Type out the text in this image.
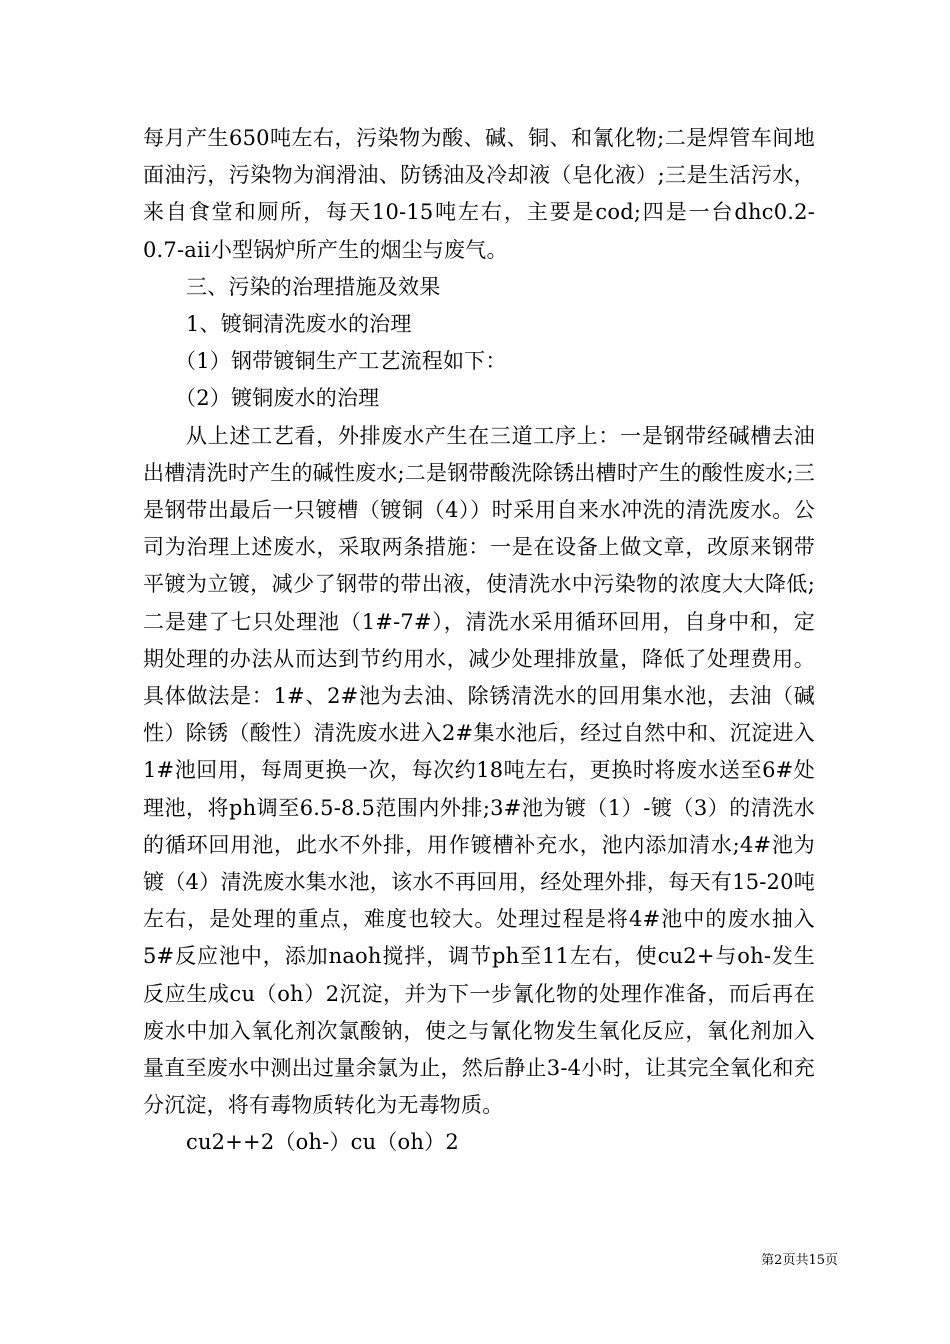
每月产生650吨左右，污染物为酸、碱、铜、和氰化物;二是焊管车间地面油污，污染物为润滑油、防锈油及冷却液（皂化液）;三是生活污水，来自食堂和厕所，每天10-15吨左右，主要是cod;四是一台dhc0.2-0.7-aii小型锅炉所产生的烟尘与废气。

三、污染的治理措施及效果

1、镀铜清洗废水的治理

（1）钢带镀铜生产工艺流程如下：

（2）镀铜废水的治理

从上述工艺看，外排废水产生在三道工序上：一是钢带经碱槽去油出槽清洗时产生的碱性废水;二是钢带酸洗除锈出槽时产生的酸性废水;三是钢带出最后一只镀槽（镀铜（4））时采用自来水冲洗的清洗废水。公司为治理上述废水，采取两条措施：一是在设备上做文章，改原来钢带平镀为立镀，减少了钢带的带出液，使清洗水中污染物的浓度大大降低;二是建了七只处理池（1#-7#），清洗水采用循环回用，自身中和，定期处理的办法从而达到节约用水，减少处理排放量，降低了处理费用。具体做法是：1#、2#池为去油、除锈清洗水的回用集水池，去油（碱性）除锈（酸性）清洗废水进入2#集水池后，经过自然中和、沉淀进入1#池回用，每周更换一次，每次约18吨左右，更换时将废水送至6#处理池，将ph调至6.5-8.5范围内外排;3#池为镀（1）-镀（3）的清洗水的循环回用池，此水不外排，用作镀槽补充水，池内添加清水;4#池为镀（4）清洗废水集水池，该水不再回用，经处理外排，每天有15-20吨左右，是处理的重点，难度也较大。处理过程是将4#池中的废水抽入5#反应池中，添加naoh搅拌，调节ph至11左右，使cu2+与oh-发生反应生成cu（oh）2沉淀，并为下一步氰化物的处理作准备，而后再在废水中加入氧化剂次氯酸钠，使之与氰化物发生氧化反应，氧化剂加入量直至废水中测出过量余氯为止，然后静止3-4小时，让其完全氧化和充分沉淀，将有毒物质转化为无毒物质。

cu2++2（oh-）cu（oh）2

第2页共15页
